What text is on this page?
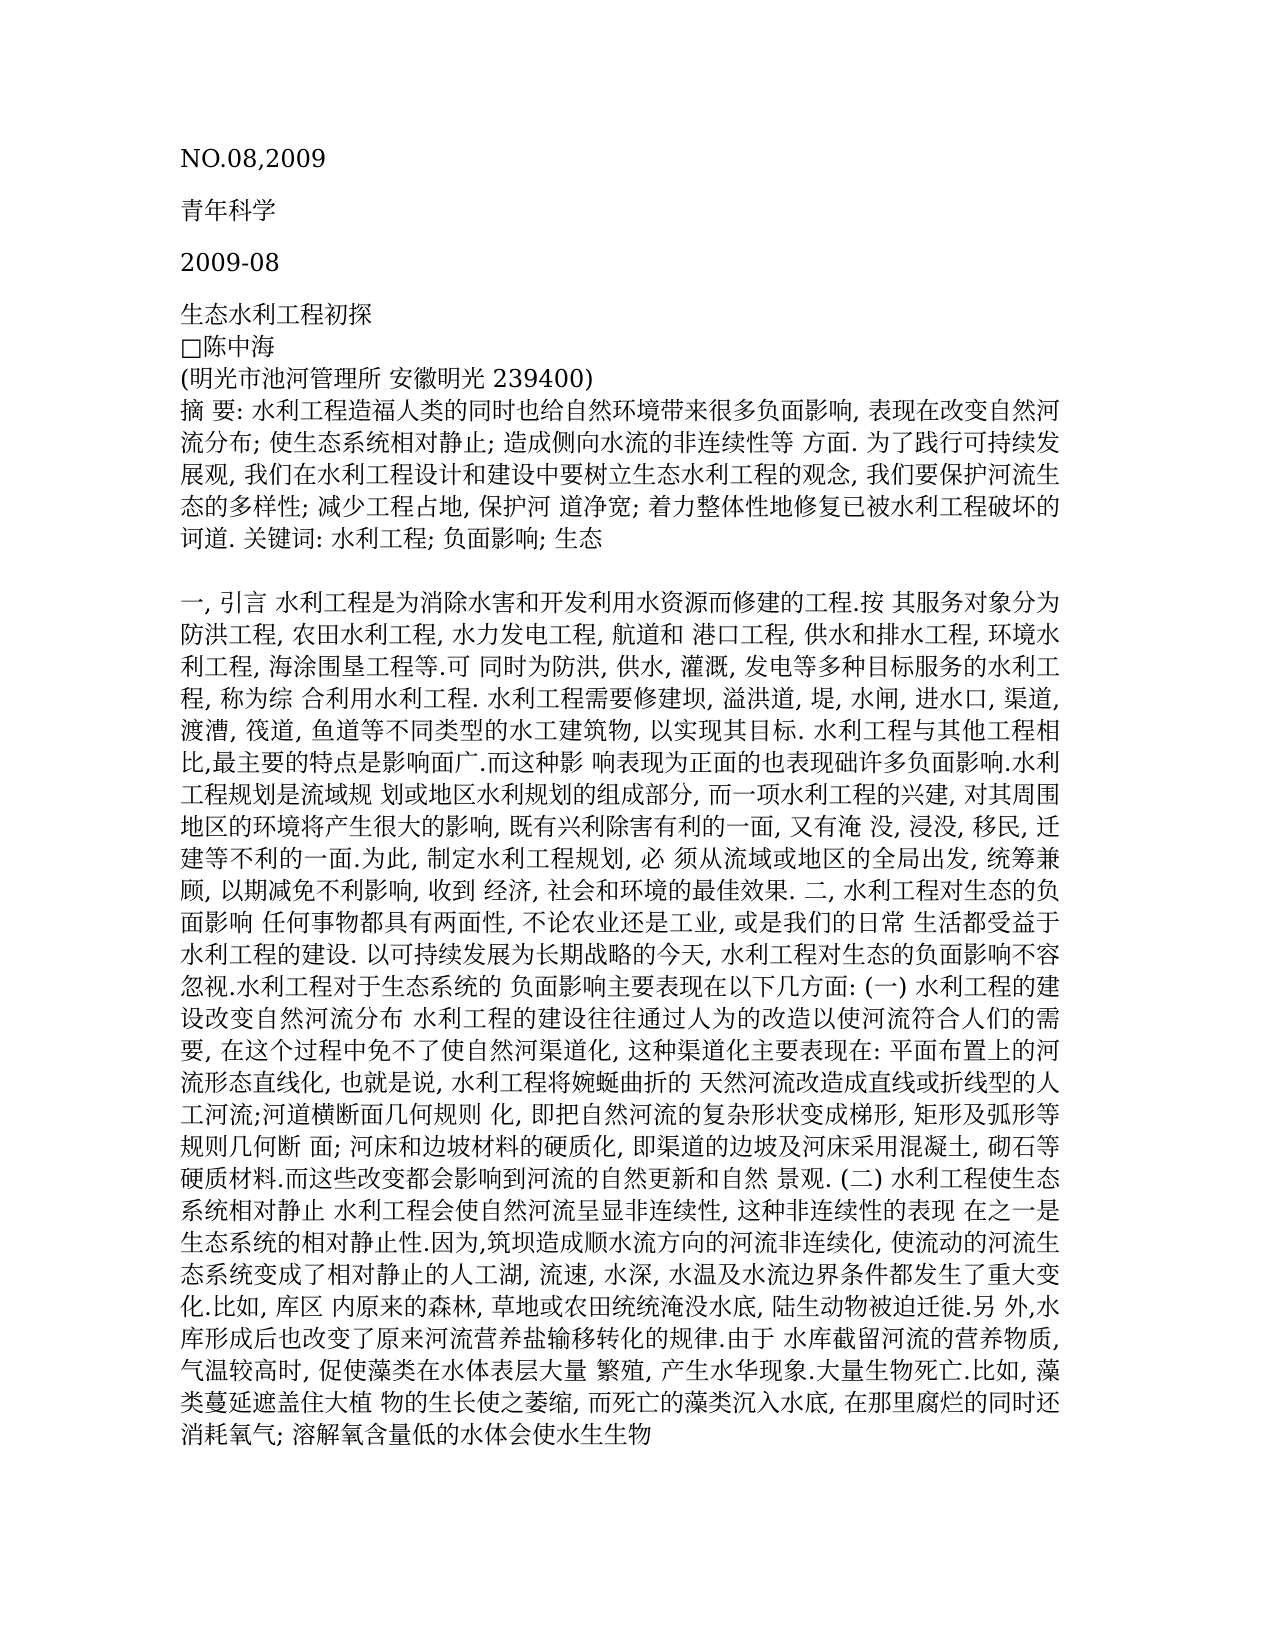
NO.08,2009

青年科学

2009-08

生态水利工程初探

□陈中海

(明光市池河管理所 安徽明光 239400)

摘 要: 水利工程造福人类的同时也给自然环境带来很多负面影响, 表现在改变自然河流分布; 使生态系统相对静止; 造成侧向水流的非连续性等 方面. 为了践行可持续发展观, 我们在水利工程设计和建设中要树立生态水利工程的观念, 我们要保护河流生态的多样性; 减少工程占地, 保护河 道净宽; 着力整体性地修复已被水利工程破坏的诃道. 关键词: 水利工程; 负面影响; 生态

一, 引言 水利工程是为消除水害和开发利用水资源而修建的工程.按 其服务对象分为防洪工程, 农田水利工程, 水力发电工程, 航道和 港口工程, 供水和排水工程, 环境水利工程, 海涂围垦工程等.可 同时为防洪, 供水, 灌溉, 发电等多种目标服务的水利工程, 称为综 合利用水利工程. 水利工程需要修建坝, 溢洪道, 堤, 水闸, 进水口, 渠道, 渡漕, 筏道, 鱼道等不同类型的水工建筑物, 以实现其目标. 水利工程与其他工程相比,最主要的特点是影响面广.而这种影 响表现为正面的也表现础许多负面影响.水利工程规划是流域规 划或地区水利规划的组成部分, 而一项水利工程的兴建, 对其周围 地区的环境将产生很大的影响, 既有兴利除害有利的一面, 又有淹 没, 浸没, 移民, 迁建等不利的一面.为此, 制定水利工程规划, 必 须从流域或地区的全局出发, 统筹兼顾, 以期减免不利影响, 收到 经济, 社会和环境的最佳效果. 二, 水利工程对生态的负面影响 任何事物都具有两面性, 不论农业还是工业, 或是我们的日常 生活都受益于水利工程的建设. 以可持续发展为长期战略的今天, 水利工程对生态的负面影响不容忽视.水利工程对于生态系统的 负面影响主要表现在以下几方面: (一) 水利工程的建设改变自然河流分布 水利工程的建设往往通过人为的改造以使河流符合人们的需 要, 在这个过程中免不了使自然河渠道化, 这种渠道化主要表现在: 平面布置上的河流形态直线化, 也就是说, 水利工程将婉蜒曲折的 天然河流改造成直线或折线型的人工河流;河道横断面几何规则 化, 即把自然河流的复杂形状变成梯形, 矩形及弧形等规则几何断 面; 河床和边坡材料的硬质化, 即渠道的边坡及河床采用混凝土, 砌石等硬质材料.而这些改变都会影响到河流的自然更新和自然 景观. (二) 水利工程使生态系统相对静止 水利工程会使自然河流呈显非连续性, 这种非连续性的表现 在之一是生态系统的相对静止性.因为,筑坝造成顺水流方向的河流非连续化, 使流动的河流生态系统变成了相对静止的人工湖, 流速, 水深, 水温及水流边界条件都发生了重大变化.比如, 库区 内原来的森林, 草地或农田统统淹没水底, 陆生动物被迫迁徙.另 外,水库形成后也改变了原来河流营养盐输移转化的规律.由于 水库截留河流的营养物质, 气温较高时, 促使藻类在水体表层大量 繁殖, 产生水华现象.大量生物死亡.比如, 藻类蔓延遮盖住大植 物的生长使之萎缩, 而死亡的藻类沉入水底, 在那里腐烂的同时还 消耗氧气; 溶解氧含量低的水体会使水生生物
